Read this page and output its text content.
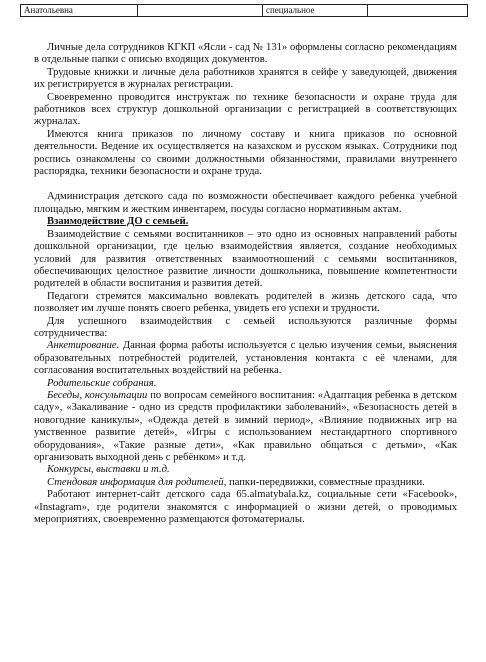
Анатольевна		специальное	

Личные дела сотрудников КГКП «Ясли - сад № 131» оформлены согласно рекомендациям в отдельные папки с описью входящих документов.

Трудовые книжки и личные дела работников хранятся в сейфе у заведующей, движения их регистрируется в журналах регистрации.

Своевременно проводится инструктаж по технике безопасности и охране труда для работников всех структур дошкольной организации с регистрацией в соответствующих журналах.

Имеются книга приказов по личному составу и книга приказов по основной деятельности. Ведение их осуществляется на казахском и русском языках. Сотрудники под роспись ознакомлены со своими должностными обязанностями, правилами внутреннего распорядка, техники безопасности и охране труда.

Администрация детского сада по возможности обеспечивает каждого ребенка учебной площадью, мягким и жестким инвентарем, посуды согласно нормативным актам.

Взаимодействие ДО с семьей.

Взаимодействие с семьями воспитанников – это одно из основных направлений работы дошкольной организации, где целью взаимодействия является, создание необходимых условий для развития ответственных взаимоотношений с семьями воспитанников, обеспечивающих целостное развитие личности дошкольника, повышение компетентности родителей в области воспитания и развития детей.

Педагоги стремятся максимально вовлекать родителей в жизнь детского сада, что позволяет им лучше понять своего ребенка, увидеть его успехи и трудности.

Для успешного взаимодействия с семьей используются различные формы сотрудничества:

Анкетирование. Данная форма работы используется с целью изучения семьи, выяснения образовательных потребностей родителей, установления контакта с её членами, для согласования воспитательных воздействий на ребенка.

Родительские собрания.

Беседы, консультации по вопросам семейного воспитания: «Адаптация ребенка в детском саду», «Закаливание - одно из средств профилактики заболеваний», «Безопасность детей в новогодние каникулы», «Одежда детей в зимний период», «Влияние подвижных игр на умственное развитие детей», «Игры с использованием нестандартного спортивного оборудования», «Такие разные дети», «Как правильно общаться с детьми», «Как организовать выходной день с ребёнком» и т.д.

Конкурсы, выставки и т.д.

Стендовая информация для родителей, папки-передвижки, совместные праздники.

Работают интернет-сайт детского сада 65.almatybala.kz, социальные сети «Facebook», «Instagram», где родители знакомятся с информацией о жизни детей, о проводимых мероприятиях, своевременно размещаются фотоматериалы.
